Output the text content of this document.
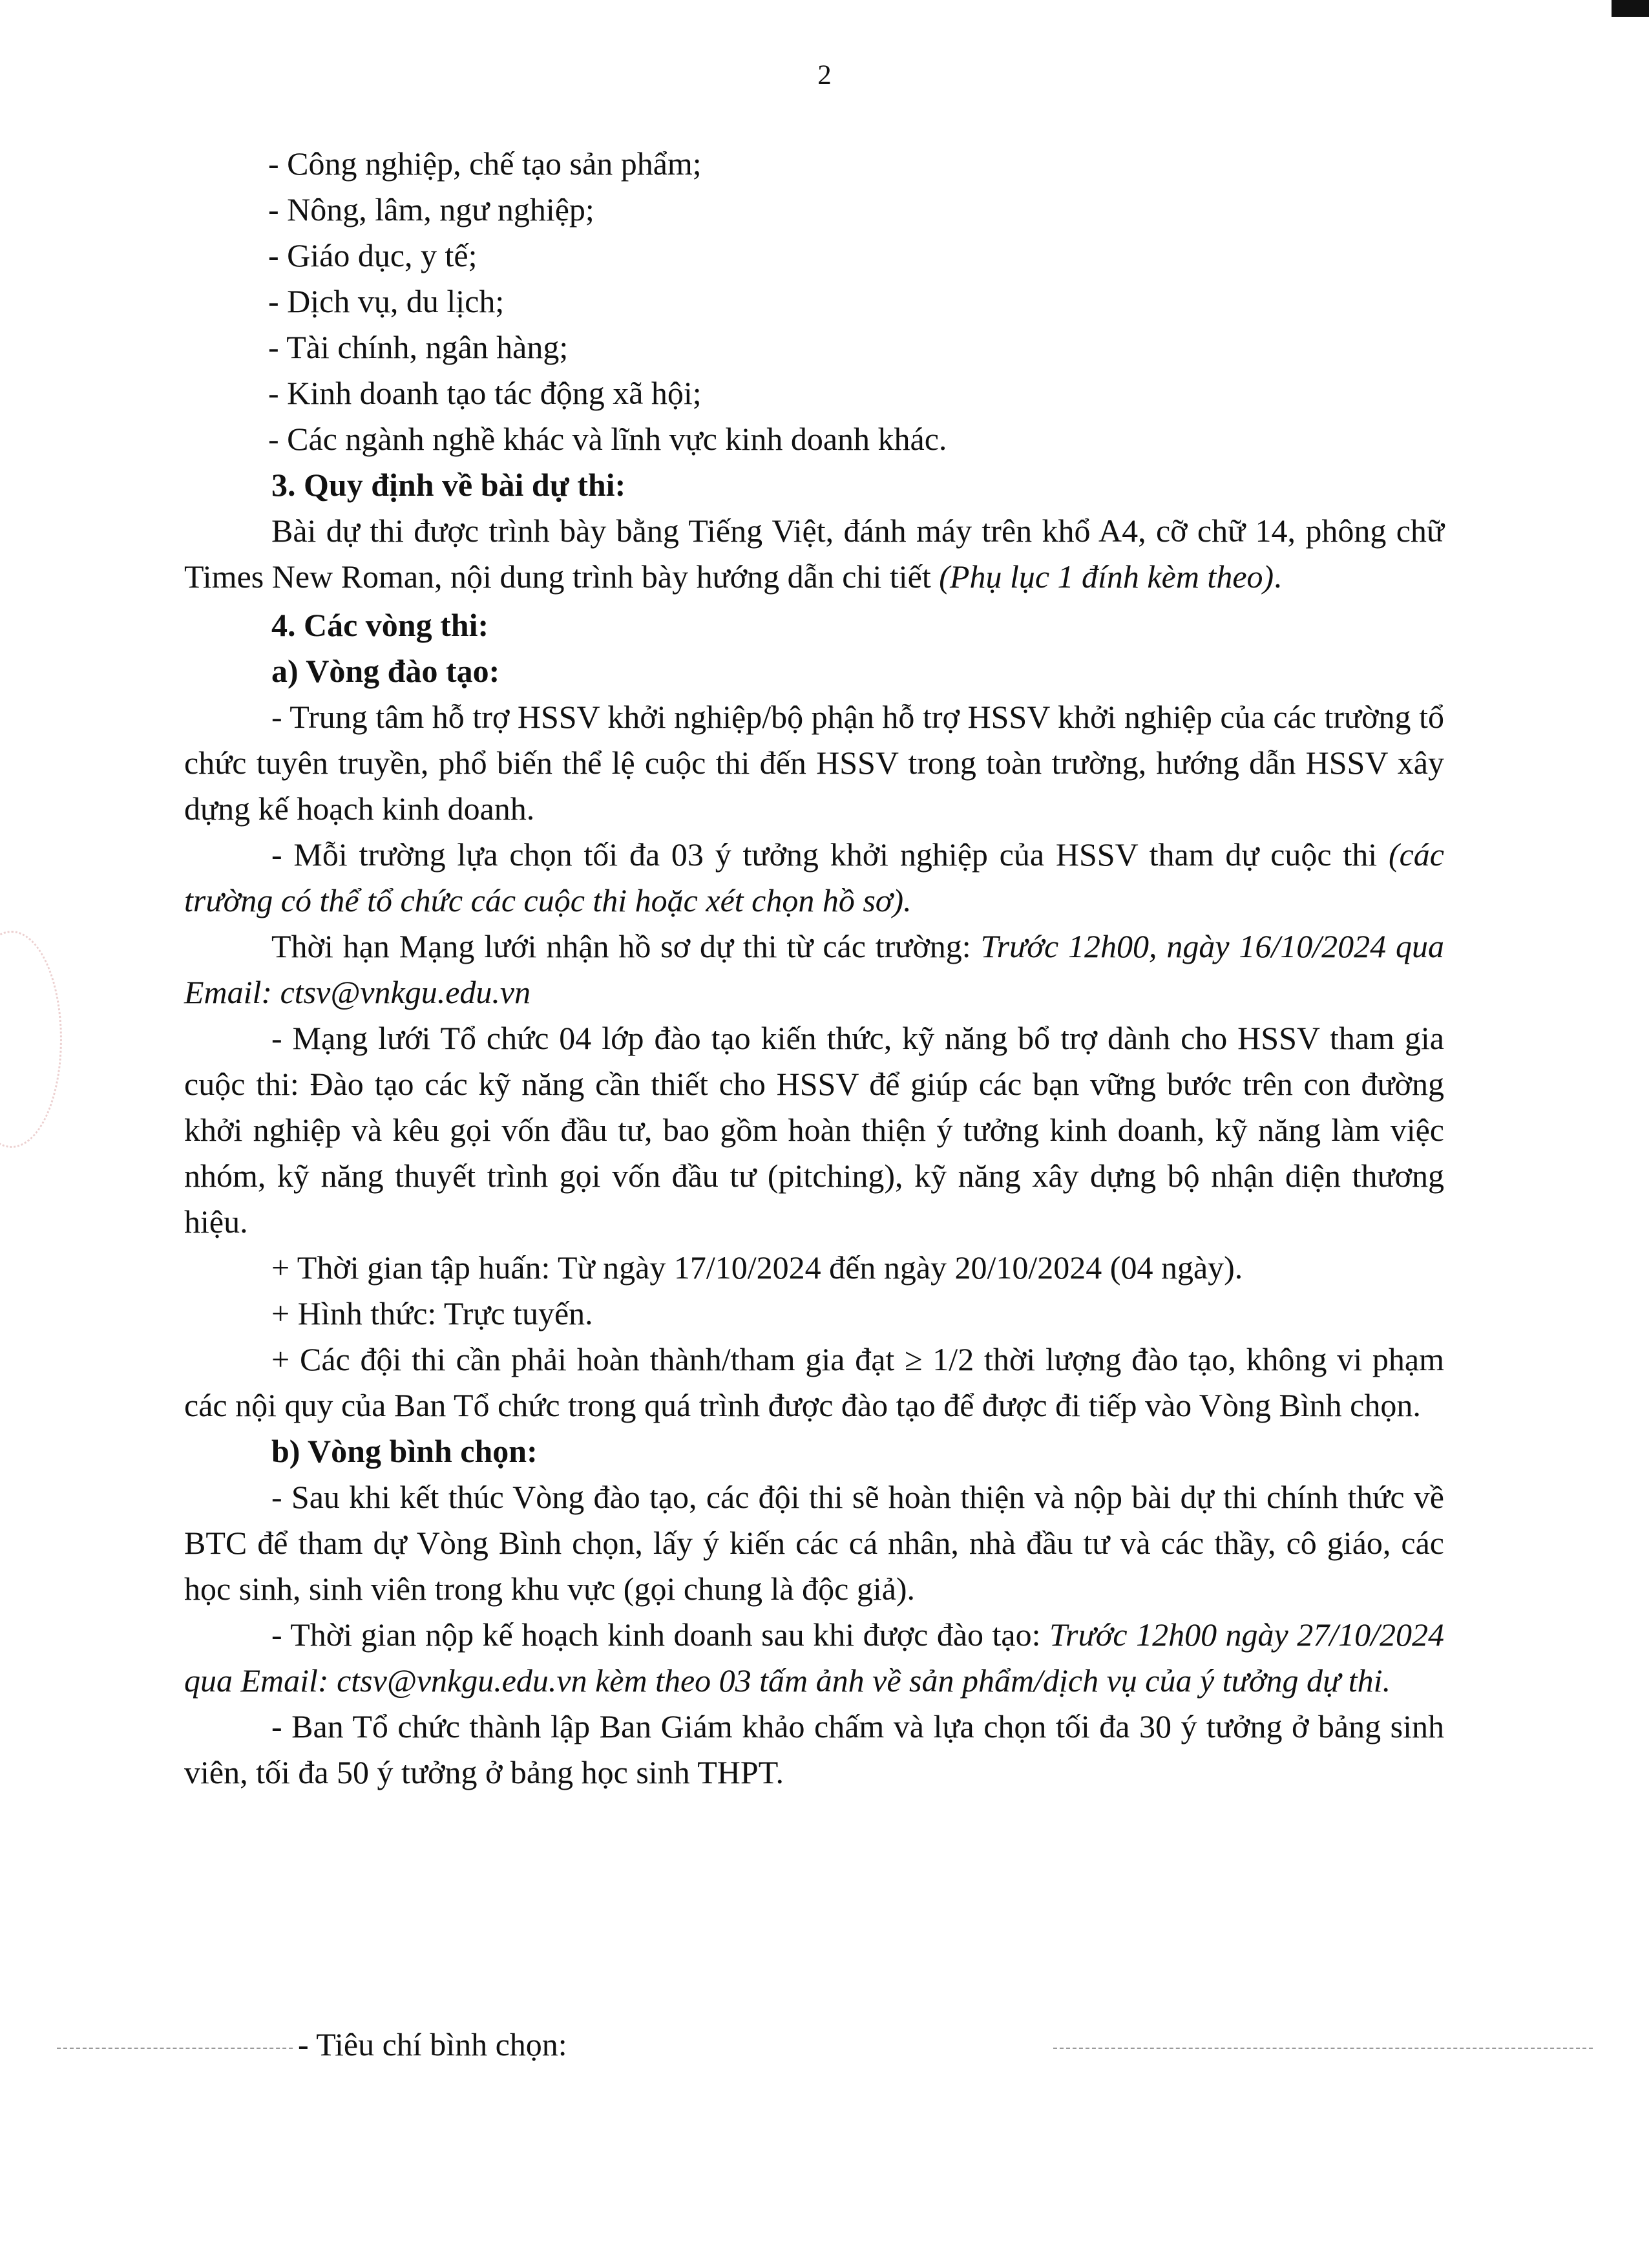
2

- Công nghiệp, chế tạo sản phẩm;

- Nông, lâm, ngư nghiệp;

- Giáo dục, y tế;

- Dịch vụ, du lịch;

- Tài chính, ngân hàng;

- Kinh doanh tạo tác động xã hội;

- Các ngành nghề khác và lĩnh vực kinh doanh khác.

3. Quy định về bài dự thi:

Bài dự thi được trình bày bằng Tiếng Việt, đánh máy trên khổ A4, cỡ chữ 14, phông chữ Times New Roman, nội dung trình bày hướng dẫn chi tiết (Phụ lục 1 đính kèm theo).

4. Các vòng thi:

a) Vòng đào tạo:

- Trung tâm hỗ trợ HSSV khởi nghiệp/bộ phận hỗ trợ HSSV khởi nghiệp của các trường tổ chức tuyên truyền, phổ biến thể lệ cuộc thi đến HSSV trong toàn trường, hướng dẫn HSSV xây dựng kế hoạch kinh doanh.

- Mỗi trường lựa chọn tối đa 03 ý tưởng khởi nghiệp của HSSV tham dự cuộc thi (các trường có thể tổ chức các cuộc thi hoặc xét chọn hồ sơ).

Thời hạn Mạng lưới nhận hồ sơ dự thi từ các trường: Trước 12h00, ngày 16/10/2024 qua Email: ctsv@vnkgu.edu.vn

- Mạng lưới Tổ chức 04 lớp đào tạo kiến thức, kỹ năng bổ trợ dành cho HSSV tham gia cuộc thi: Đào tạo các kỹ năng cần thiết cho HSSV để giúp các bạn vững bước trên con đường khởi nghiệp và kêu gọi vốn đầu tư, bao gồm hoàn thiện ý tưởng kinh doanh, kỹ năng làm việc nhóm, kỹ năng thuyết trình gọi vốn đầu tư (pitching), kỹ năng xây dựng bộ nhận diện thương hiệu.

+ Thời gian tập huấn: Từ ngày 17/10/2024 đến ngày 20/10/2024 (04 ngày).

+ Hình thức: Trực tuyến.

+ Các đội thi cần phải hoàn thành/tham gia đạt ≥ 1/2 thời lượng đào tạo, không vi phạm các nội quy của Ban Tổ chức trong quá trình được đào tạo để được đi tiếp vào Vòng Bình chọn.

b) Vòng bình chọn:

- Sau khi kết thúc Vòng đào tạo, các đội thi sẽ hoàn thiện và nộp bài dự thi chính thức về BTC để tham dự Vòng Bình chọn, lấy ý kiến các cá nhân, nhà đầu tư và các thầy, cô giáo, các học sinh, sinh viên trong khu vực (gọi chung là độc giả).

- Thời gian nộp kế hoạch kinh doanh sau khi được đào tạo: Trước 12h00 ngày 27/10/2024 qua Email: ctsv@vnkgu.edu.vn kèm theo 03 tấm ảnh về sản phẩm/dịch vụ của ý tưởng dự thi.

- Ban Tổ chức thành lập Ban Giám khảo chấm và lựa chọn tối đa 30 ý tưởng ở bảng sinh viên, tối đa 50 ý tưởng ở bảng học sinh THPT.

- Tiêu chí bình chọn:
